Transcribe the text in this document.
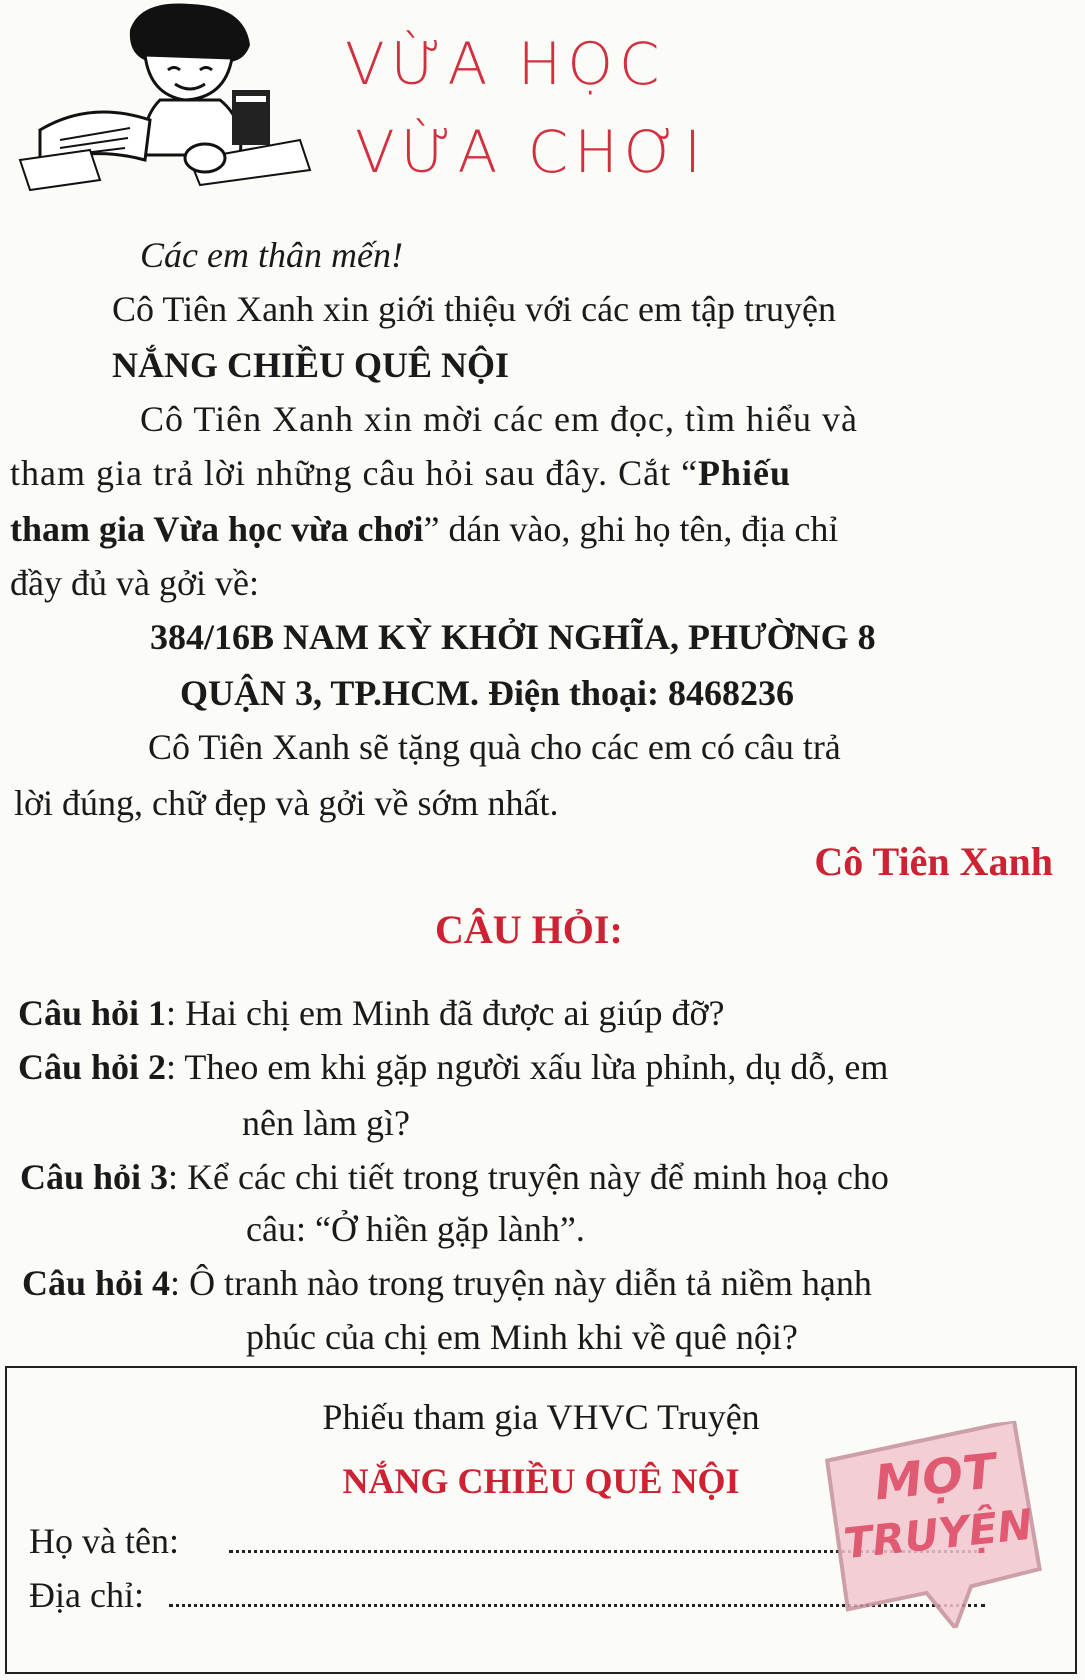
VỪA HỌC
VỪA CHƠI
Các em thân mến!
Cô Tiên Xanh xin giới thiệu với các em tập truyện
NẮNG CHIỀU QUÊ NỘI
Cô Tiên Xanh xin mời các em đọc, tìm hiểu và
tham gia trả lời những câu hỏi sau đây. Cắt “Phiếu
tham gia Vừa học vừa chơi” dán vào, ghi họ tên, địa chỉ
đầy đủ và gởi về:
384/16B NAM KỲ KHỞI NGHĨA, PHƯỜNG 8
QUẬN 3, TP.HCM. Điện thoại: 8468236
Cô Tiên Xanh sẽ tặng quà cho các em có câu trả
lời đúng, chữ đẹp và gởi về sớm nhất.
Cô Tiên Xanh
CÂU HỎI:
Câu hỏi 1: Hai chị em Minh đã được ai giúp đỡ?
Câu hỏi 2: Theo em khi gặp người xấu lừa phỉnh, dụ dỗ, em
nên làm gì?
Câu hỏi 3: Kể các chi tiết trong truyện này để minh hoạ cho
câu: “Ở hiền gặp lành”.
Câu hỏi 4: Ô tranh nào trong truyện này diễn tả niềm hạnh
phúc của chị em Minh khi về quê nội?
Phiếu tham gia VHVC Truyện
NẮNG CHIỀU QUÊ NỘI
Họ và tên:
Địa chỉ:
MỌT
TRUYỆN
